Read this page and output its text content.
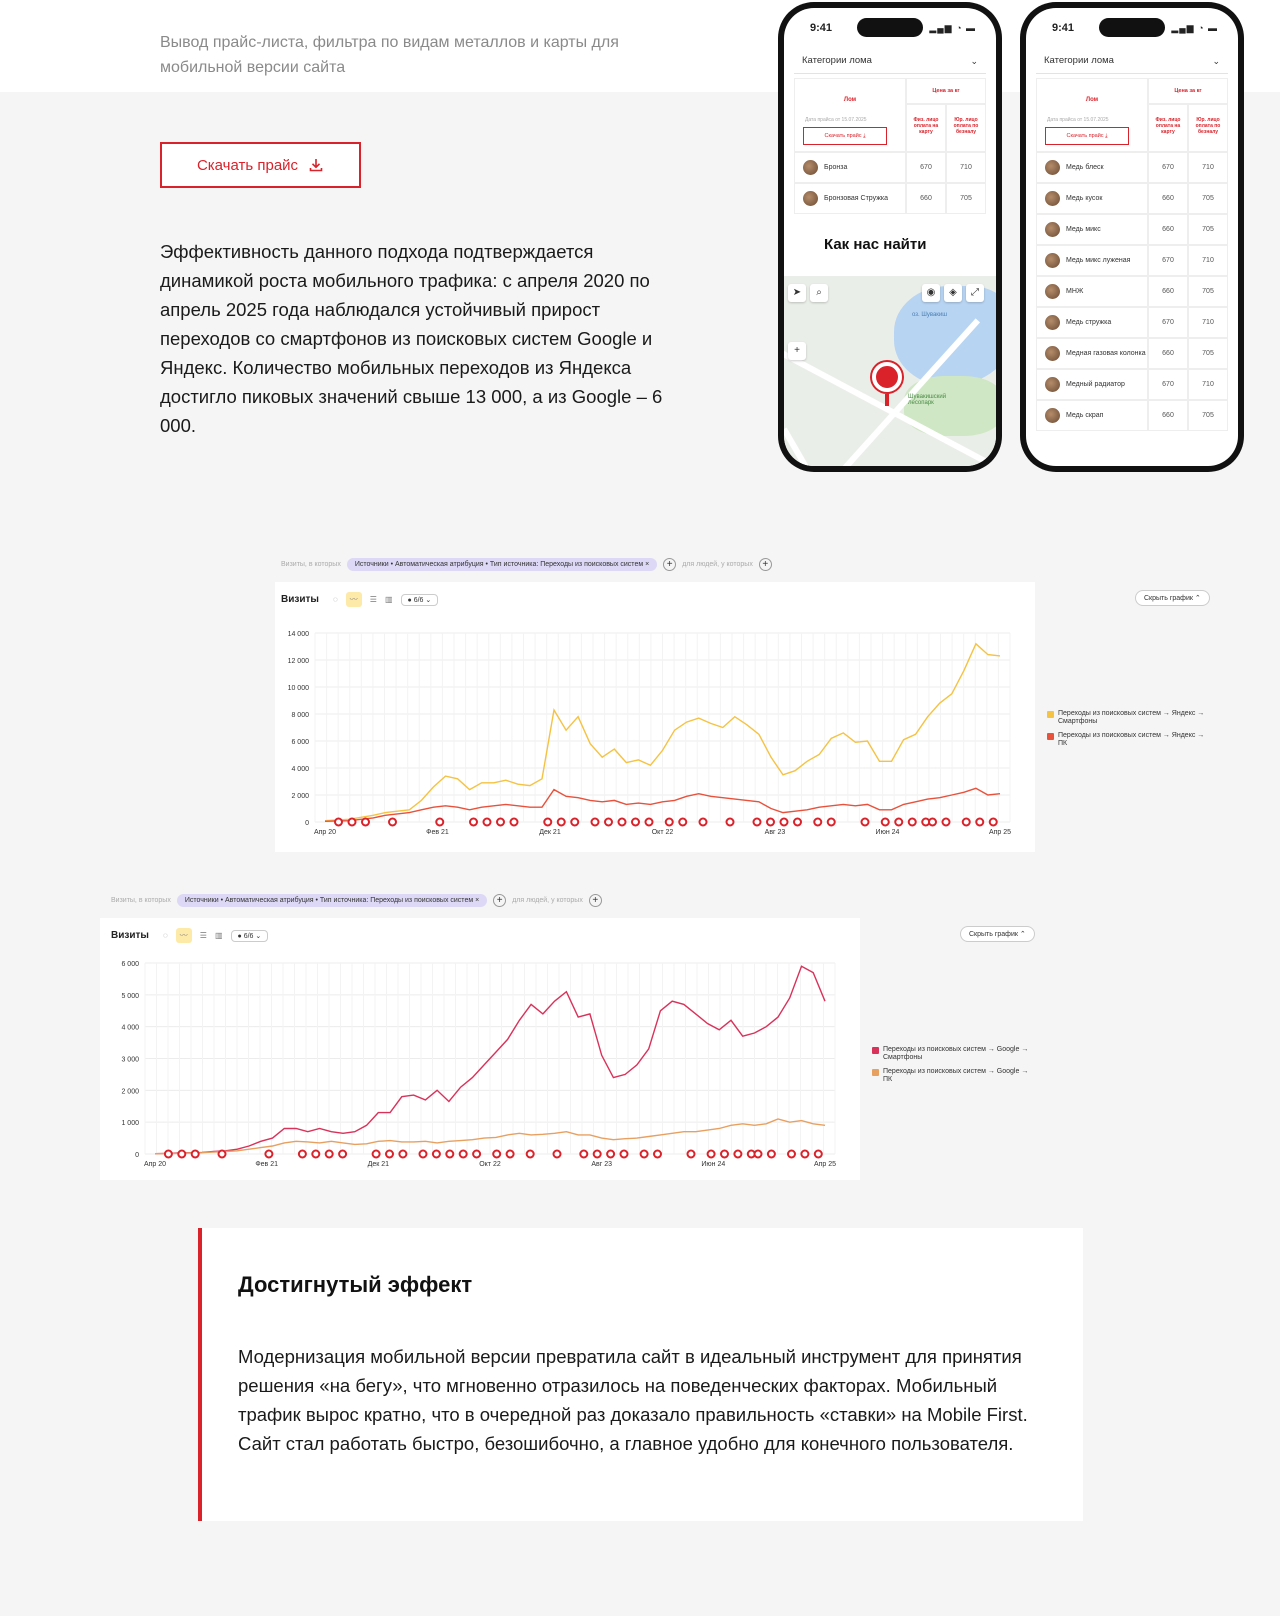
Вывод прайс-листа, фильтра по видам металлов и карты для мобильной версии сайта
Скачать прайс
Эффективность данного подхода подтверждается динамикой роста мобильного трафика: с апреля 2020 по апрель 2025 года наблюдался устойчивый прирост переходов со смартфонов из поисковых систем Google и Яндекс. Количество мобильных переходов из Яндекса достигло пиковых значений свыше 13 000, а из Google – 6 000.
9:41	▂▄▆ ◔ ▬
Категории лома	⌄
Лом
Дата прайса от 15.07.2025
Скачать прайс ⤓
Цена за кг
Физ. лицо оплата на карту
Юр. лицо оплата по безналу
Бронза	670	710
Бронзовая Стружка	660	705
Как нас найти
оз. Шувакиш
Шувакишский лесопарк
➤	⌕	◉	◈	⤢
+
9:41	▂▄▆ ◔ ▬
Категории лома	⌄
Лом
Дата прайса от 15.07.2025
Скачать прайс ⤓
Цена за кг
Физ. лицо оплата на карту
Юр. лицо оплата по безналу
Медь блеск	670	710
Медь кусок	660	705
Медь микс	660	705
Медь микс луженая	670	710
МНЖ	660	705
Медь стружка	670	710
Медная газовая колонка	660	705
Медный радиатор	670	710
Медь скрап	660	705
Визиты, в которых	Источники • Автоматическая атрибуция • Тип источника: Переходы из поисковых систем ×	+	для людей, у которых +
Визиты ◌	〰	☰ ▥	● 6/6 ⌄
0
2 000
4 000
6 000
8 000
10 000
12 000
14 000
Апр 20	Фев 21	Дек 21	Окт 22	Авг 23	Июн 24	Апр 25
Скрыть график ⌃
Переходы из поисковых систем → Яндекс → Смартфоны
Переходы из поисковых систем → Яндекс → ПК
Визиты, в которых	Источники • Автоматическая атрибуция • Тип источника: Переходы из поисковых систем ×	+	для людей, у которых +
Визиты ◌	〰	☰ ▥	● 6/6 ⌄
0
1 000
2 000
3 000
4 000
5 000
6 000
Апр 20	Фев 21	Дек 21	Окт 22	Авг 23	Июн 24	Апр 25
Скрыть график ⌃
Переходы из поисковых систем → Google → Смартфоны
Переходы из поисковых систем → Google → ПК
Достигнутый эффект

Модернизация мобильной версии превратила сайт в идеальный инструмент для принятия решения «на бегу», что мгновенно отразилось на поведенческих факторах. Мобильный трафик вырос кратно, что в очередной раз доказало правильность «ставки» на Mobile First. Сайт стал работать быстро, безошибочно, а главное удобно для конечного пользователя.
